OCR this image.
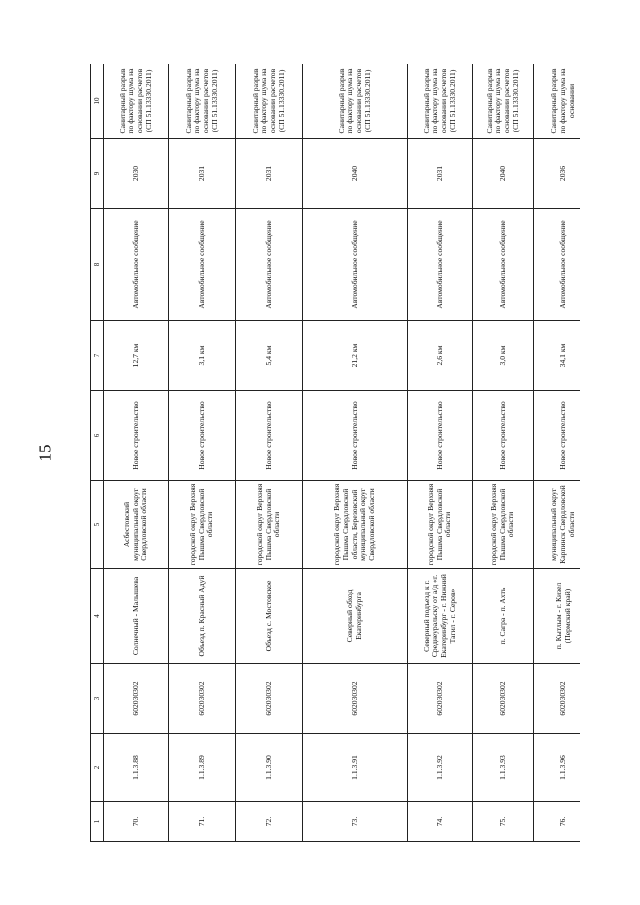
15
1	2	3	4	5	6	7	8	9	10
70.	1.1.3.88	602030302	Солнечный - Малышева	Асбестовский муниципальный округ Свердловской области	Новое строительство	12,7 км	Автомобильное сообщение	2030	Санитарный разрыв по фактору шума на основании расчетов (СП 51.13330.2011)
71.	1.1.3.89	602030302	Объезд п. Красный Адуй	городской округ Верхняя Пышма Свердловской области	Новое строительство	3,1 км	Автомобильное сообщение	2031	Санитарный разрыв по фактору шума на основании расчетов (СП 51.13330.2011)
72.	1.1.3.90	602030302	Объезд с. Мостовское	городской округ Верхняя Пышма Свердловской области	Новое строительство	5,4 км	Автомобильное сообщение	2031	Санитарный разрыв по фактору шума на основании расчетов (СП 51.13330.2011)
73.	1.1.3.91	602030302	Северный обход Екатеринбурга	городской округ Верхняя Пышма Свердловской области, Березовский муниципальный округ Свердловской области	Новое строительство	21,2 км	Автомобильное сообщение	2040	Санитарный разрыв по фактору шума на основании расчетов (СП 51.13330.2011)
74.	1.1.3.92	602030302	Северный подъезд к г. Среднеуральску от а/д «г. Екатеринбург - г. Нижний Тагил - г. Серов»	городской округ Верхняя Пышма Свердловской области	Новое строительство	2,6 км	Автомобильное сообщение	2031	Санитарный разрыв по фактору шума на основании расчетов (СП 51.13330.2011)
75.	1.1.3.93	602030302	п. Сагра - п. Ахть	городской округ Верхняя Пышма Свердловской области	Новое строительство	3,0 км	Автомобильное сообщение	2040	Санитарный разрыв по фактору шума на основании расчетов (СП 51.13330.2011)
76.	1.1.3.96	602030302	п. Кытлым - г. Кизел (Пермский край)	муниципальный округ Карпинск Свердловской области	Новое строительство	34,1 км	Автомобильное сообщение	2036	Санитарный разрыв по фактору шума на основании
